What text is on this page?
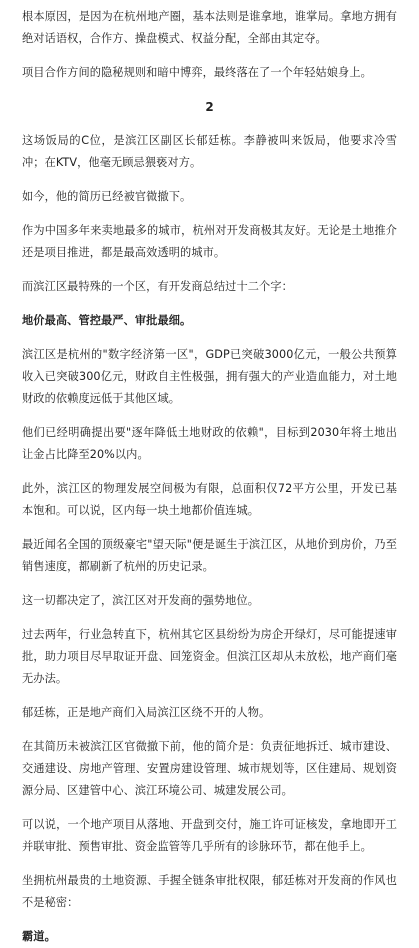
根本原因，是因为在杭州地产圈，基本法则是谁拿地，谁掌局。拿地方拥有绝对话语权，合作方、操盘模式、权益分配，全部由其定夺。

项目合作方间的隐秘规则和暗中博弈，最终落在了一个年轻姑娘身上。

2

这场饭局的C位，是滨江区副区长郁廷栋。李静被叫来饭局，他要求冷雪冲；在KTV，他毫无顾忌猥亵对方。

如今，他的简历已经被官微撤下。

作为中国多年来卖地最多的城市，杭州对开发商极其友好。无论是土地推介还是项目推进，都是最高效透明的城市。

而滨江区最特殊的一个区，有开发商总结过十二个字：

地价最高、管控最严、审批最细。

滨江区是杭州的"数字经济第一区"，GDP已突破3000亿元，一般公共预算收入已突破300亿元，财政自主性极强，拥有强大的产业造血能力，对土地财政的依赖度远低于其他区域。

他们已经明确提出要"逐年降低土地财政的依赖"，目标到2030年将土地出让金占比降至20%以内。

此外，滨江区的物理发展空间极为有限，总面积仅72平方公里，开发已基本饱和。可以说，区内每一块土地都价值连城。

最近闻名全国的顶级豪宅"望天际"便是诞生于滨江区，从地价到房价，乃至销售速度，都刷新了杭州的历史记录。

这一切都决定了，滨江区对开发商的强势地位。

过去两年，行业急转直下，杭州其它区县纷纷为房企开绿灯，尽可能提速审批，助力项目尽早取证开盘、回笼资金。但滨江区却从未放松，地产商们毫无办法。

郁廷栋，正是地产商们入局滨江区绕不开的人物。

在其简历未被滨江区官微撤下前，他的简介是：负责征地拆迁、城市建设、交通建设、房地产管理、安置房建设管理、城市规划等，区住建局、规划资源分局、区建管中心、滨江环境公司、城建发展公司。

可以说，一个地产项目从落地、开盘到交付，施工许可证核发，拿地即开工并联审批、预售审批、资金监管等几乎所有的诊脉环节，都在他手上。

坐拥杭州最贵的土地资源、手握全链条审批权限，郁廷栋对开发商的作风也不是秘密：

霸道。
